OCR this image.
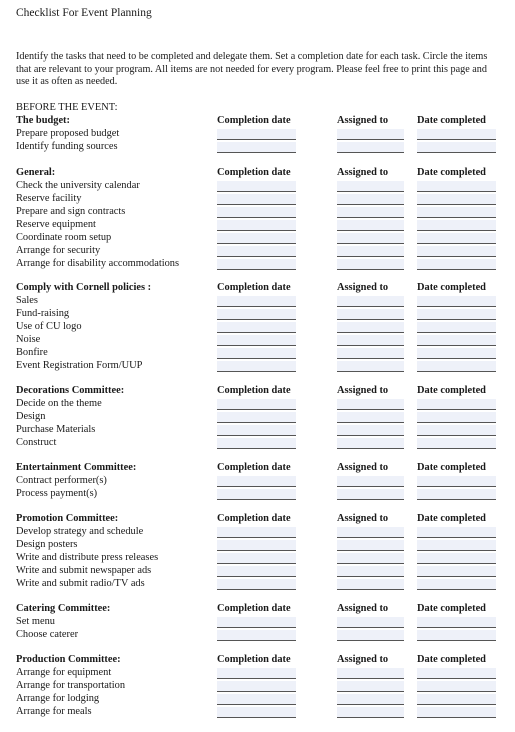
Checklist For Event Planning
Identify the tasks that need to be completed and delegate them. Set a completion date for each task. Circle the items that are relevant to your program. All items are not needed for every program. Please feel free to print this page and use it as often as needed.
BEFORE THE EVENT:
The budget:	Completion date	Assigned to	Date completed
Prepare proposed budget
Identify funding sources
General:	Completion date	Assigned to	Date completed
Check the university calendar
Reserve facility
Prepare and sign contracts
Reserve equipment
Coordinate room setup
Arrange for security
Arrange for disability accommodations
Comply with Cornell policies :	Completion date	Assigned to	Date completed
Sales
Fund-raising
Use of CU logo
Noise
Bonfire
Event Registration Form/UUP
Decorations Committee:	Completion date	Assigned to	Date completed
Decide on the theme
Design
Purchase Materials
Construct
Entertainment Committee:	Completion date	Assigned to	Date completed
Contract performer(s)
Process payment(s)
Promotion Committee:	Completion date	Assigned to	Date completed
Develop strategy and schedule
Design posters
Write and distribute press releases
Write and submit newspaper ads
Write and submit radio/TV ads
Catering Committee:	Completion date	Assigned to	Date completed
Set menu
Choose caterer
Production Committee:	Completion date	Assigned to	Date completed
Arrange for equipment
Arrange for transportation
Arrange for lodging
Arrange for meals
